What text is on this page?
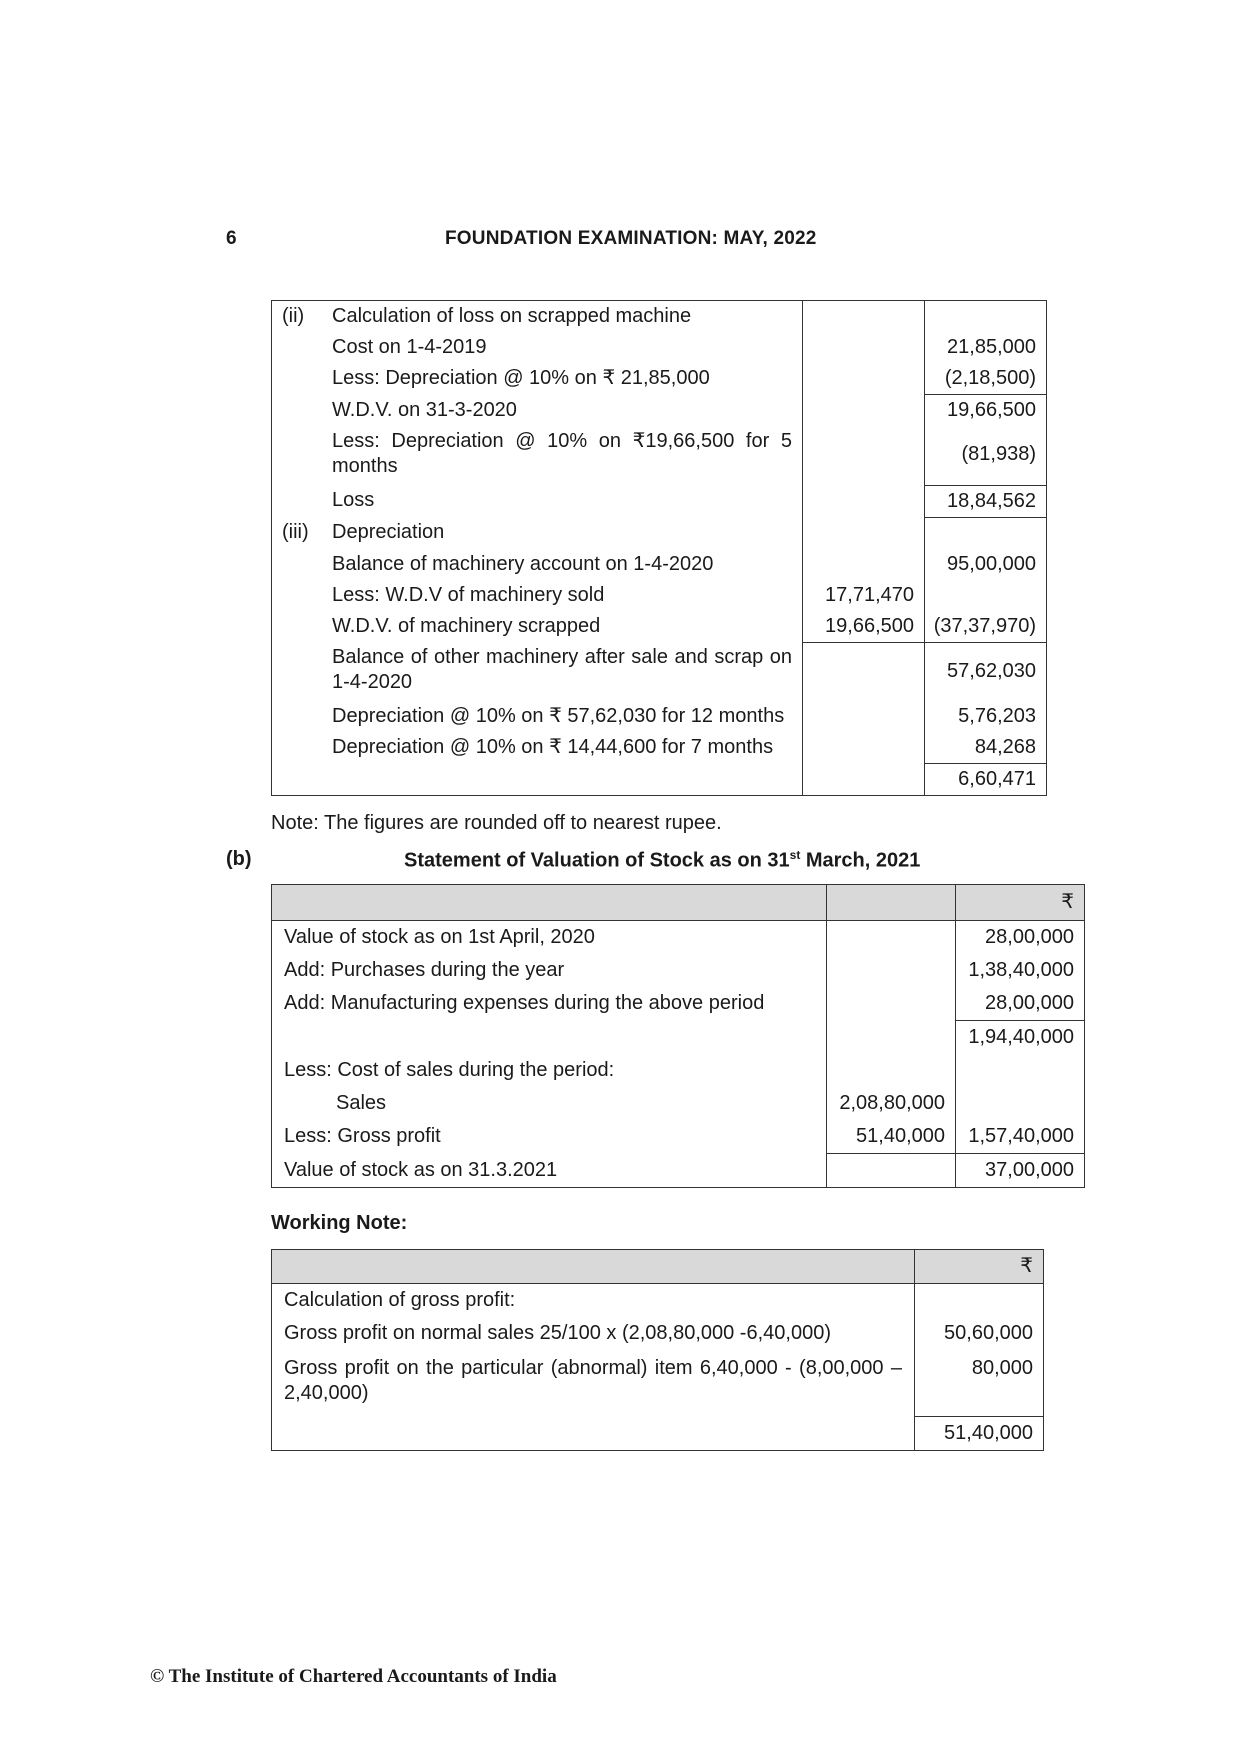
6	FOUNDATION EXAMINATION: MAY, 2022
(ii)	Calculation of loss on scrapped machine		
	Cost on 1-4-2019		21,85,000
	Less: Depreciation @ 10% on ₹ 21,85,000		(2,18,500)
	W.D.V. on 31-3-2020		19,66,500
	Less: Depreciation @ 10% on ₹19,66,500 for 5 months		(81,938)
	Loss		18,84,562
(iii)	Depreciation		
	Balance of machinery account on 1-4-2020		95,00,000
	Less: W.D.V of machinery sold	17,71,470	
	W.D.V. of machinery scrapped	19,66,500	(37,37,970)
	Balance of other machinery after sale and scrap on 1-4-2020		57,62,030
	Depreciation @ 10% on ₹ 57,62,030 for 12 months		5,76,203
	Depreciation @ 10% on ₹ 14,44,600 for 7 months		84,268
			6,60,471
Note: The figures are rounded off to nearest rupee.
(b)	Statement of Valuation of Stock as on 31st March, 2021
		₹
Value of stock as on 1st April, 2020		28,00,000
Add: Purchases during the year		1,38,40,000
Add: Manufacturing expenses during the above period		28,00,000
		1,94,40,000
Less: Cost of sales during the period:		
Sales	2,08,80,000	
Less: Gross profit	51,40,000	1,57,40,000
Value of stock as on 31.3.2021		37,00,000
Working Note:
	₹
Calculation of gross profit:	
Gross profit on normal sales 25/100 x (2,08,80,000 -6,40,000)	50,60,000
Gross profit on the particular (abnormal) item 6,40,000 - (8,00,000 – 2,40,000)	80,000
	51,40,000
© The Institute of Chartered Accountants of India
